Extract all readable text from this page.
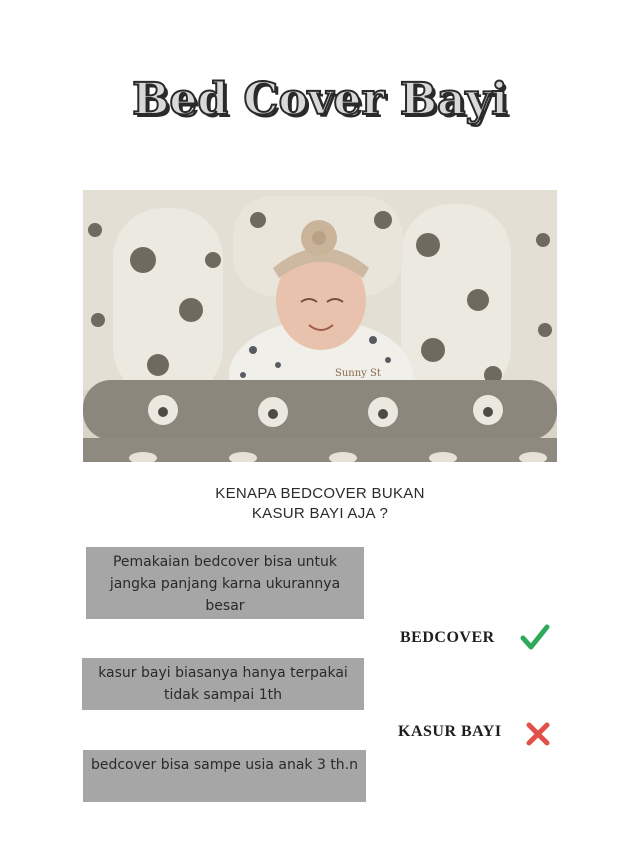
Bed Cover Bayi
Sunny St
KENAPA BEDCOVER BUKAN
KASUR BAYI AJA ?
Pemakaian bedcover bisa untuk jangka panjang karna ukurannya besar
kasur bayi biasanya hanya terpakai tidak sampai 1th
bedcover bisa sampe usia anak 3 th.n
BEDCOVER
KASUR BAYI
